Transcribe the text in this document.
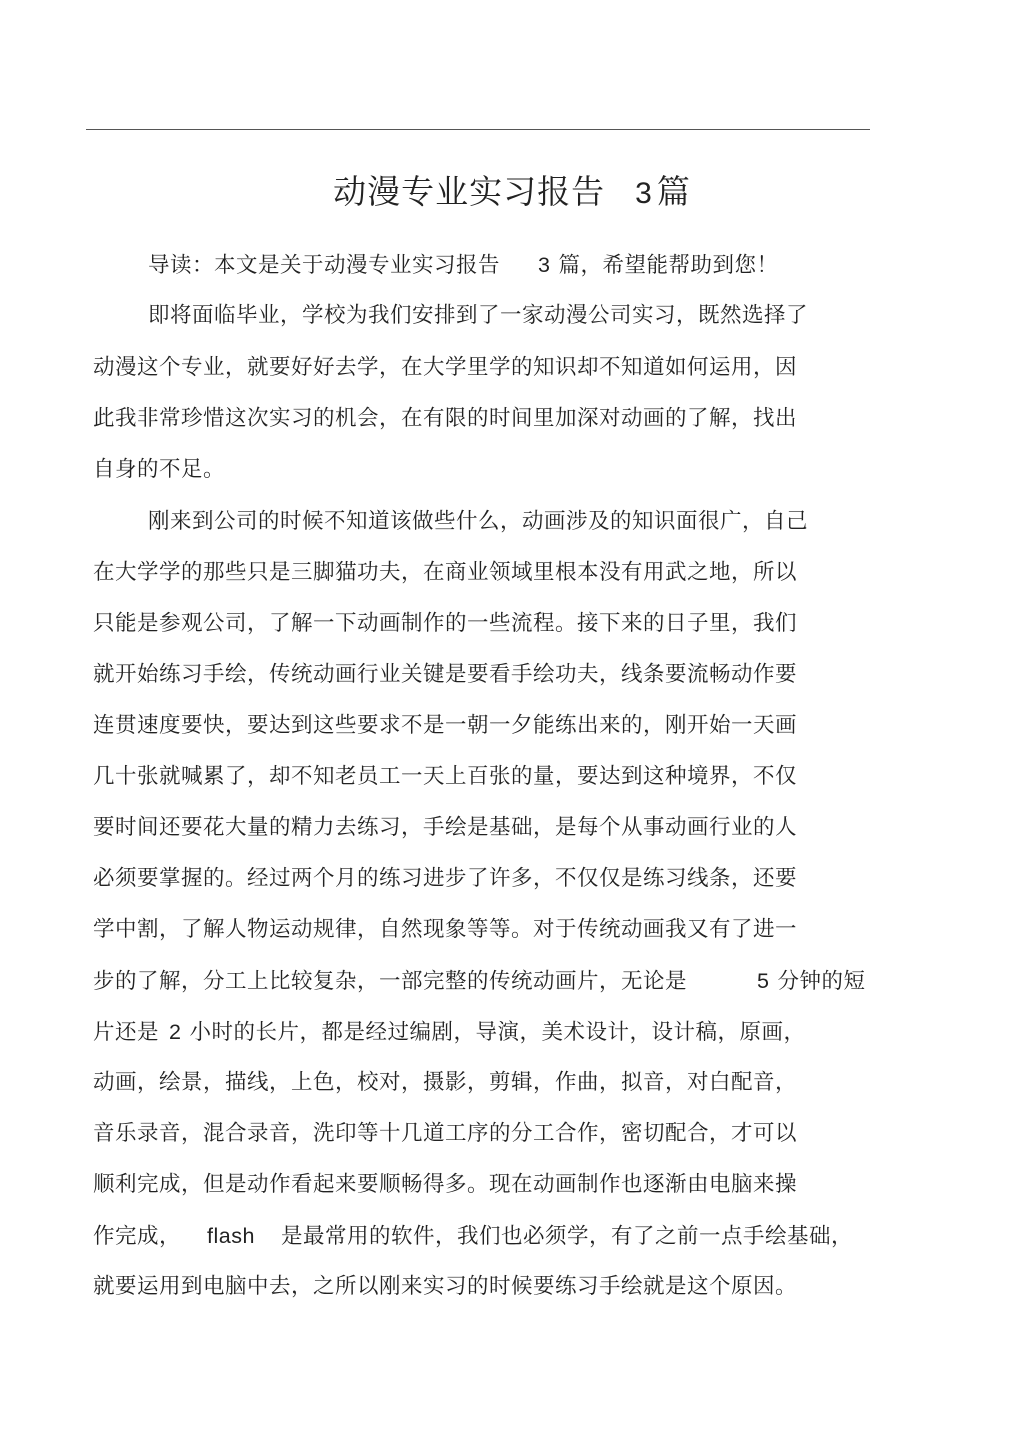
动漫专业实习报告 3 篇
导读：本文是关于动漫专业实习报告 3 篇，希望能帮助到您！
即将面临毕业，学校为我们安排到了一家动漫公司实习，既然选择了
动漫这个专业，就要好好去学，在大学里学的知识却不知道如何运用，因
此我非常珍惜这次实习的机会，在有限的时间里加深对动画的了解，找出
自身的不足。
刚来到公司的时候不知道该做些什么，动画涉及的知识面很广，自己
在大学学的那些只是三脚猫功夫，在商业领域里根本没有用武之地，所以
只能是参观公司，了解一下动画制作的一些流程。接下来的日子里，我们
就开始练习手绘，传统动画行业关键是要看手绘功夫，线条要流畅动作要
连贯速度要快，要达到这些要求不是一朝一夕能练出来的，刚开始一天画
几十张就喊累了，却不知老员工一天上百张的量，要达到这种境界，不仅
要时间还要花大量的精力去练习，手绘是基础，是每个从事动画行业的人
必须要掌握的。经过两个月的练习进步了许多，不仅仅是练习线条，还要
学中割，了解人物运动规律，自然现象等等。对于传统动画我又有了进一
步的了解，分工上比较复杂，一部完整的传统动画片，无论是	5 分钟的短
片还是 2 小时的长片，都是经过编剧，导演，美术设计，设计稿，原画，
动画，绘景，描线，上色，校对，摄影，剪辑，作曲，拟音，对白配音，
音乐录音，混合录音，洗印等十几道工序的分工合作，密切配合，才可以
顺利完成，但是动作看起来要顺畅得多。现在动画制作也逐渐由电脑来操
作完成， flash 是最常用的软件，我们也必须学，有了之前一点手绘基础，
就要运用到电脑中去，之所以刚来实习的时候要练习手绘就是这个原因。
